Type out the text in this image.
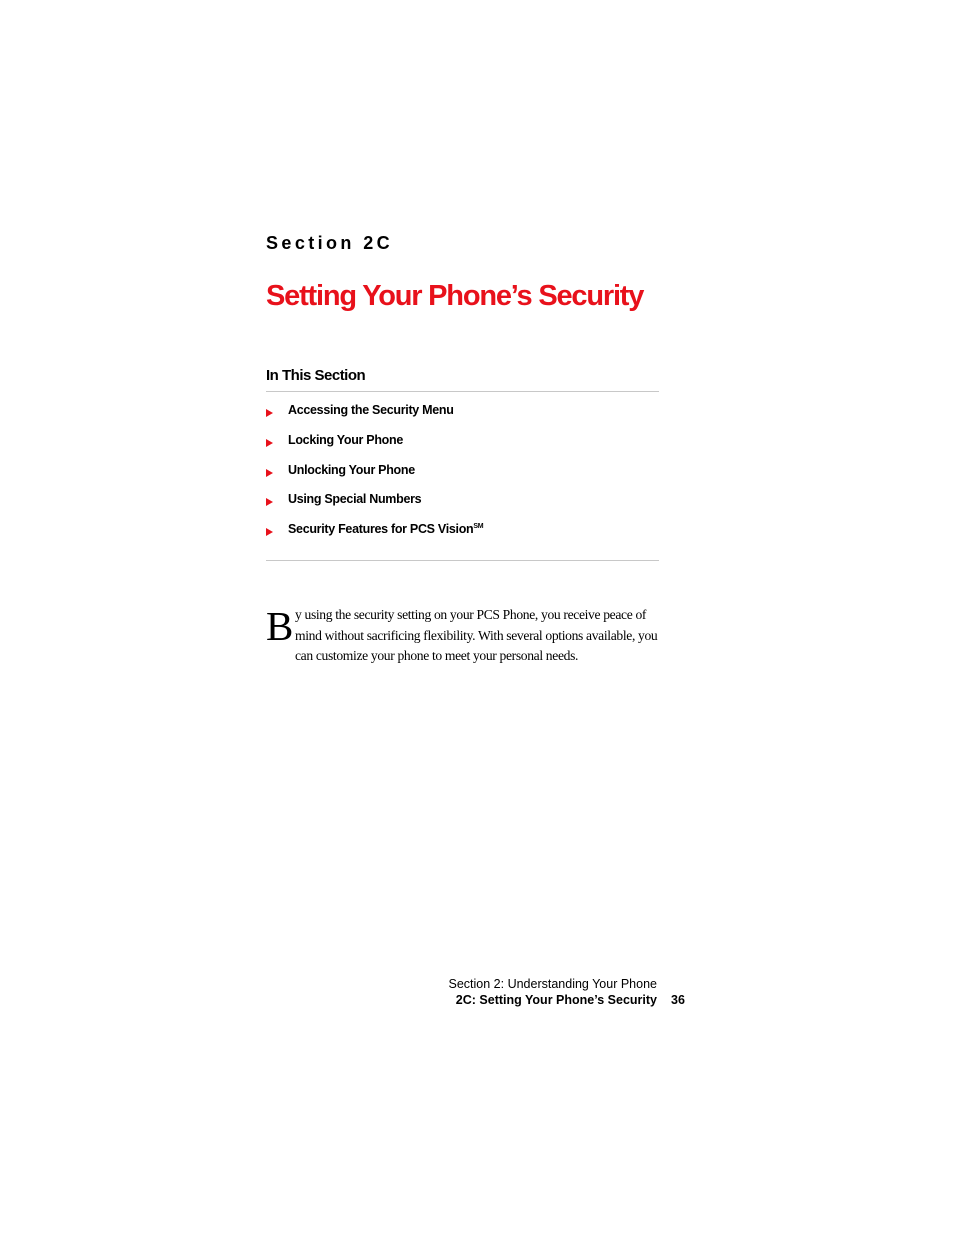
Section 2C
Setting Your Phone’s Security
In This Section
Accessing the Security Menu
Locking Your Phone
Unlocking Your Phone
Using Special Numbers
Security Features for PCS Vision℠

By using the security setting on your PCS Phone, you receive peace of mind without sacrificing flexibility. With several options available, you can customize your phone to meet your personal needs.

Section 2: Understanding Your Phone
2C: Setting Your Phone’s Security 36
